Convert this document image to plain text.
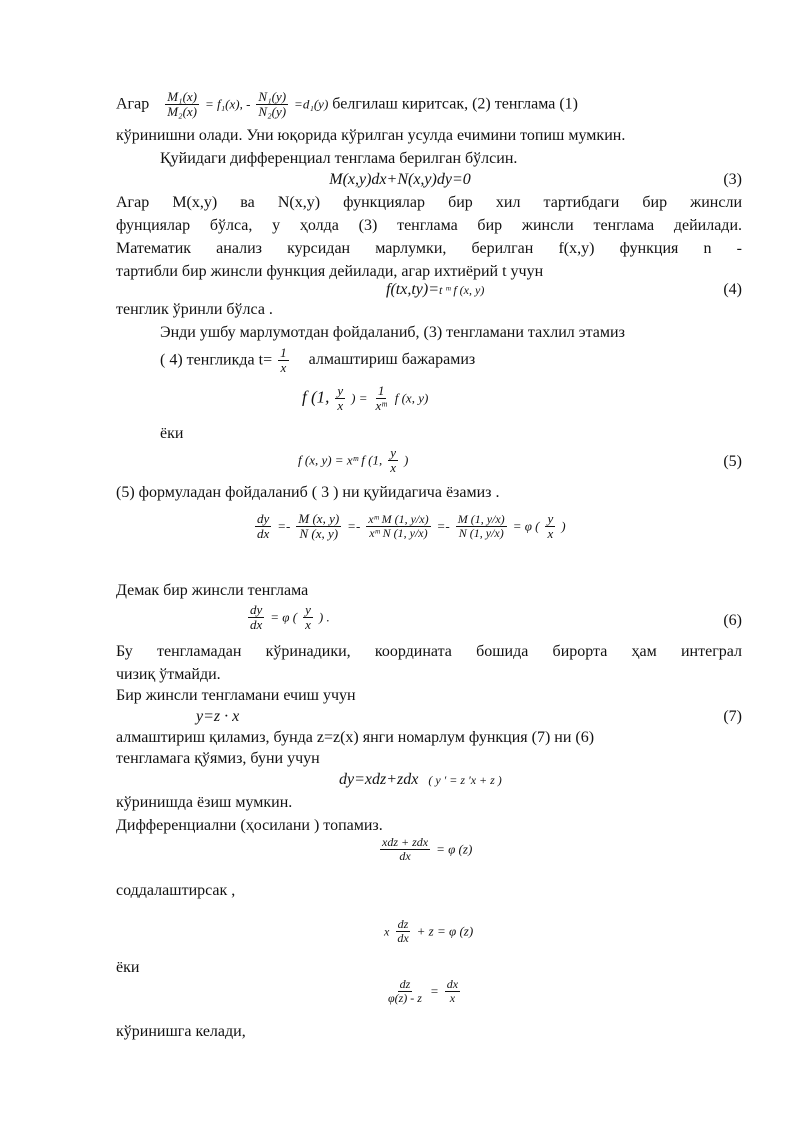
Агар $\frac{\text{M₁(x)}}{\text{M₂(x)}} = f_1(x)$, - $\frac{\text{N₁(y)}}{\text{N₂(y)}} =d_1(y)$ белгилаш киритсак, (2) тенглама (1)
кўринишни олади. Уни юқорида кўрилган усулда ечимини топиш мумкин.
Қуйидаги дифференциал тенглама берилган бўлсин.
M(x,y)dx+N(x,y)dy=0	(3)
Агар M(x,y) ва N(x,y) функциялар бир хил тартибдаги бир жинсли
фунциялар бўлса, у ҳолда (3) тенглама бир жинсли тенглама дейилади.
Математик анализ курсидан марлумки, берилган f(x,y) функция n -
тартибли бир жинсли функция дейилади, агар ихтиёрий t учун
f(tx,ty)=t ᵐ f (x, y)	(4)
тенглик ўринли бўлса .
Энди ушбу марлумотдан фойдаланиб, (3) тенгламани тахлил этамиз
( 4) тенгликда $t= \frac{1}{x}$ алмаштириш бажарамиз
f (1, $\frac{y}{x}$ ) = $\frac{1}{\text{xᵐ}}$ f (x, y)
ёки
f (x, y) = xᵐ f (1, $\frac{y}{x}$ )	(5)
(5) формуладан фойдаланиб ( 3 ) ни қуйидагича ёзамиз .
$\frac{dy}{dx} =- \frac{M (x, y)}{N (x, y)} =- \frac{\text{xᵐ M (1, y/x)}}{\text{xᵐ N (1, y/x)}} =- \frac{M (1, y/x)}{N (1, y/x)} = \varphi$ ( $\frac{y}{x}$ )
Демак бир жинсли тенглама
$\frac{dy}{dx} = \varphi$ ( $\frac{y}{x}$ ) .	(6)
Бу тенгламадан кўринадики, координата бошида бирорта ҳам интеграл
чизиқ ўтмайди.
Бир жинсли тенгламани ечиш учун
y=z · x	(7)
алмаштириш қиламиз, бунда z=z(x) янги номарлум функция (7) ни (6)
тенгламага қўямиз, буни учун
dy=xdz+zdx ( y ′ = z ′x + z )
кўринишда ёзиш мумкин.
Дифференциални (ҳосилани ) топамиз.
$\frac{\text{xdz + zdx}}{dx} = \varphi$ (z)
соддалаштирсак ,
x $\frac{dz}{dx} + z = \varphi$ (z)
ёки
$\frac{dz}{\varphi(z) - z} = \frac{dx}{x}$
кўринишга келади,
